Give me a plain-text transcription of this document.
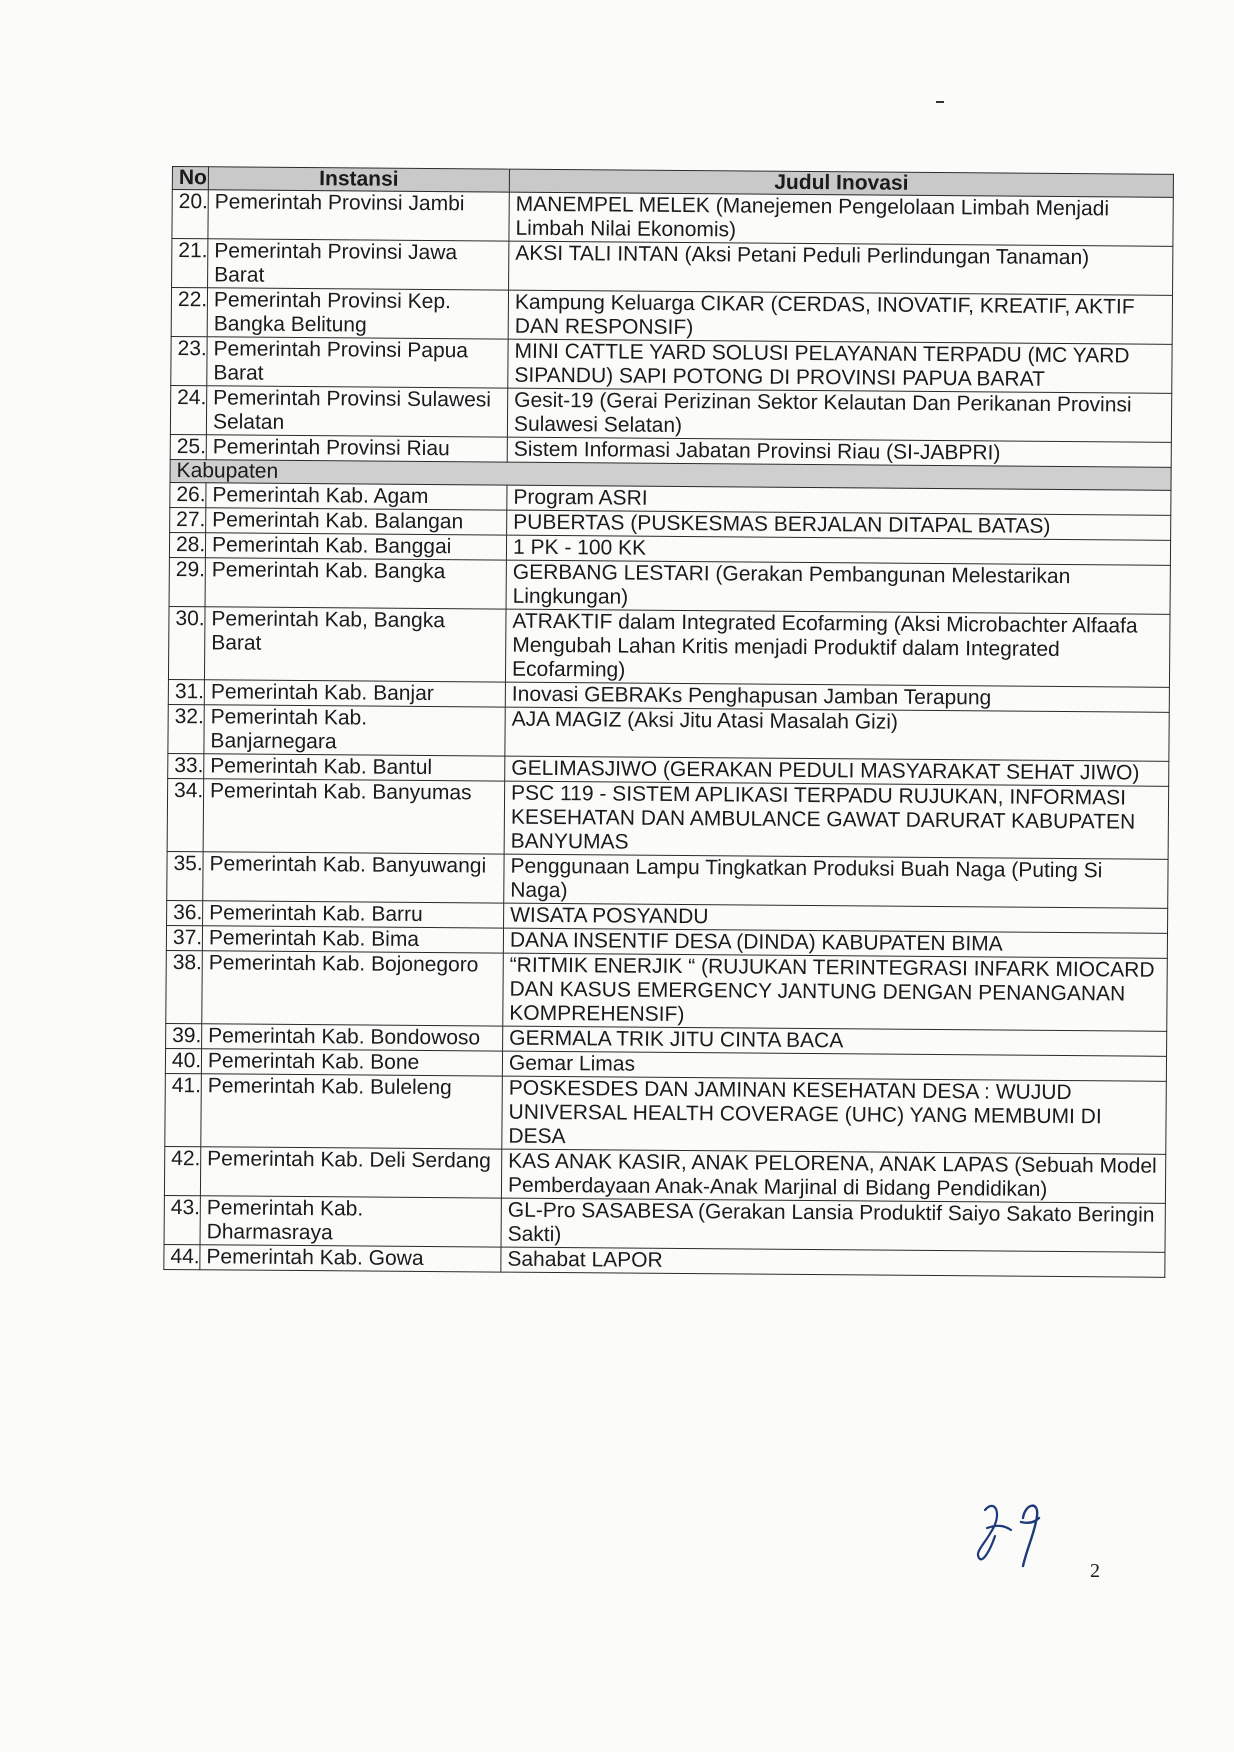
No	Instansi	Judul Inovasi
20.	Pemerintah Provinsi Jambi	MANEMPEL MELEK (Manejemen Pengelolaan Limbah Menjadi Limbah Nilai Ekonomis)
21.	Pemerintah Provinsi Jawa Barat	AKSI TALI INTAN (Aksi Petani Peduli Perlindungan Tanaman)
22.	Pemerintah Provinsi Kep. Bangka Belitung	Kampung Keluarga CIKAR (CERDAS, INOVATIF, KREATIF, AKTIF DAN RESPONSIF)
23.	Pemerintah Provinsi Papua Barat	MINI CATTLE YARD SOLUSI PELAYANAN TERPADU (MC YARD SIPANDU) SAPI POTONG DI PROVINSI PAPUA BARAT
24.	Pemerintah Provinsi Sulawesi Selatan	Gesit-19 (Gerai Perizinan Sektor Kelautan Dan Perikanan Provinsi Sulawesi Selatan)
25.	Pemerintah Provinsi Riau	Sistem Informasi Jabatan Provinsi Riau (SI-JABPRI)
Kabupaten		
26.	Pemerintah Kab. Agam	Program ASRI
27.	Pemerintah Kab. Balangan	PUBERTAS (PUSKESMAS BERJALAN DITAPAL BATAS)
28.	Pemerintah Kab. Banggai	1 PK - 100 KK
29.	Pemerintah Kab. Bangka	GERBANG LESTARI (Gerakan Pembangunan Melestarikan Lingkungan)
30.	Pemerintah Kab, Bangka Barat	ATRAKTIF dalam Integrated Ecofarming (Aksi Microbachter Alfaafa Mengubah Lahan Kritis menjadi Produktif dalam Integrated Ecofarming)
31.	Pemerintah Kab. Banjar	Inovasi GEBRAKs Penghapusan Jamban Terapung
32.	Pemerintah Kab. Banjarnegara	AJA MAGIZ (Aksi Jitu Atasi Masalah Gizi)
33.	Pemerintah Kab. Bantul	GELIMASJIWO (GERAKAN PEDULI MASYARAKAT SEHAT JIWO)
34.	Pemerintah Kab. Banyumas	PSC 119 - SISTEM APLIKASI TERPADU RUJUKAN, INFORMASI KESEHATAN DAN AMBULANCE GAWAT DARURAT KABUPATEN BANYUMAS
35.	Pemerintah Kab. Banyuwangi	Penggunaan Lampu Tingkatkan Produksi Buah Naga (Puting Si Naga)
36.	Pemerintah Kab. Barru	WISATA POSYANDU
37.	Pemerintah Kab. Bima	DANA INSENTIF DESA (DINDA) KABUPATEN BIMA
38.	Pemerintah Kab. Bojonegoro	“RITMIK ENERJIK “ (RUJUKAN TERINTEGRASI INFARK MIOCARD DAN KASUS EMERGENCY JANTUNG DENGAN PENANGANAN KOMPREHENSIF)
39.	Pemerintah Kab. Bondowoso	GERMALA TRIK JITU CINTA BACA
40.	Pemerintah Kab. Bone	Gemar Limas
41.	Pemerintah Kab. Buleleng	POSKESDES DAN JAMINAN KESEHATAN DESA : WUJUD UNIVERSAL HEALTH COVERAGE (UHC) YANG MEMBUMI DI DESA
42.	Pemerintah Kab. Deli Serdang	KAS ANAK KASIR, ANAK PELORENA, ANAK LAPAS (Sebuah Model Pemberdayaan Anak-Anak Marjinal di Bidang Pendidikan)
43.	Pemerintah Kab. Dharmasraya	GL-Pro SASABESA (Gerakan Lansia Produktif Saiyo Sakato Beringin Sakti)
44.	Pemerintah Kab. Gowa	Sahabat LAPOR
2
